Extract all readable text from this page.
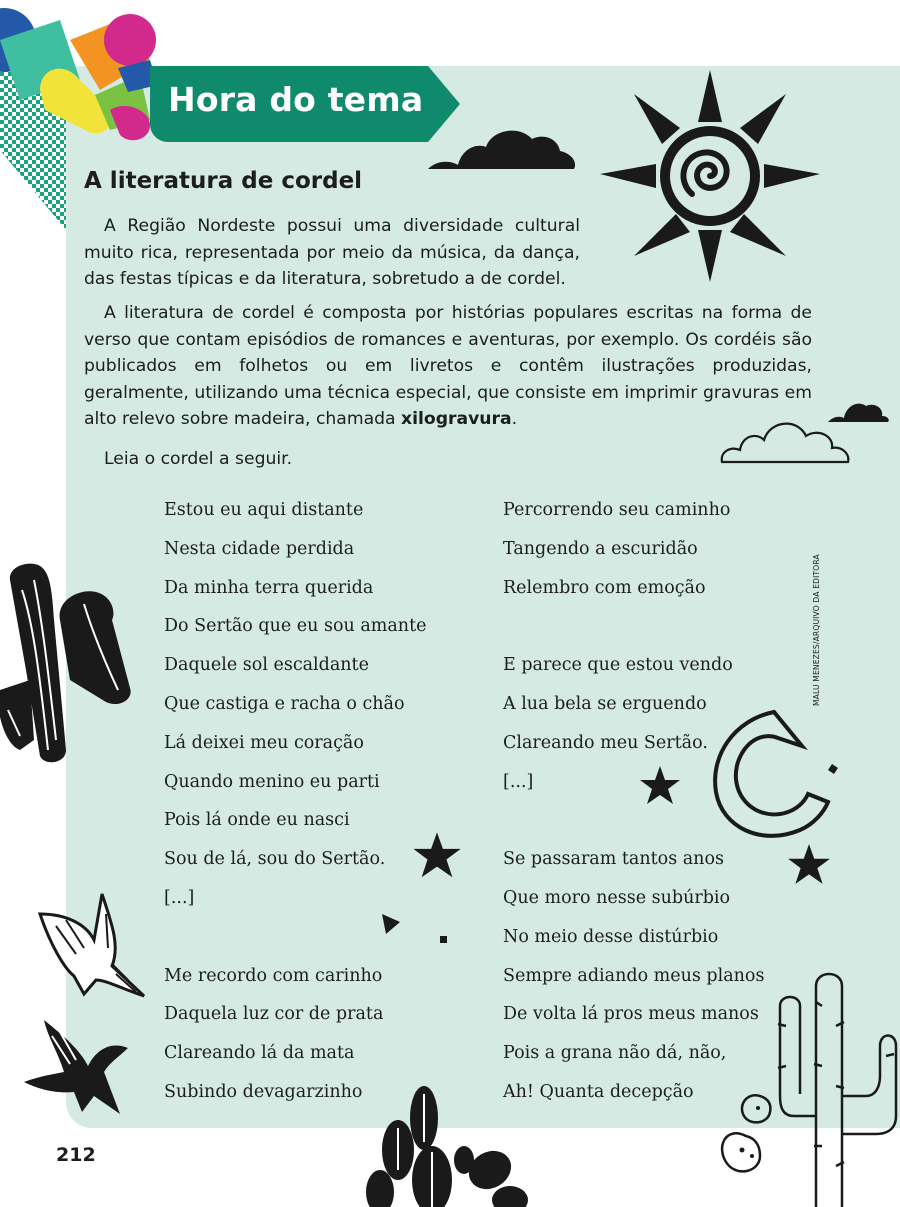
Hora do tema
MALU MENEZES/ARQUIVO DA EDITORA
A literatura de cordel

A Região Nordeste possui uma diversidade cultural muito rica, representada por meio da música, da dança, das festas típicas e da literatura, sobretudo a de cordel.

A literatura de cordel é composta por histórias populares escritas na forma de verso que contam episódios de romances e aventuras, por exemplo. Os cordéis são publicados em folhetos ou em livretos e contêm ilustrações produzidas, geralmente, utilizando uma técnica especial, que consiste em imprimir gravuras em alto relevo sobre madeira, chamada xilogravura.

Leia o cordel a seguir.

Estou eu aqui distante
Nesta cidade perdida
Da minha terra querida
Do Sertão que eu sou amante
Daquele sol escaldante
Que castiga e racha o chão
Lá deixei meu coração
Quando menino eu parti
Pois lá onde eu nasci
Sou de lá, sou do Sertão.
[...]
Me recordo com carinho
Daquela luz cor de prata
Clareando lá da mata
Subindo devagarzinho
Percorrendo seu caminho
Tangendo a escuridão
Relembro com emoção
E parece que estou vendo
A lua bela se erguendo
Clareando meu Sertão.
[...]
Se passaram tantos anos
Que moro nesse subúrbio
No meio desse distúrbio
Sempre adiando meus planos
De volta lá pros meus manos
Pois a grana não dá, não,
Ah! Quanta decepção
212
